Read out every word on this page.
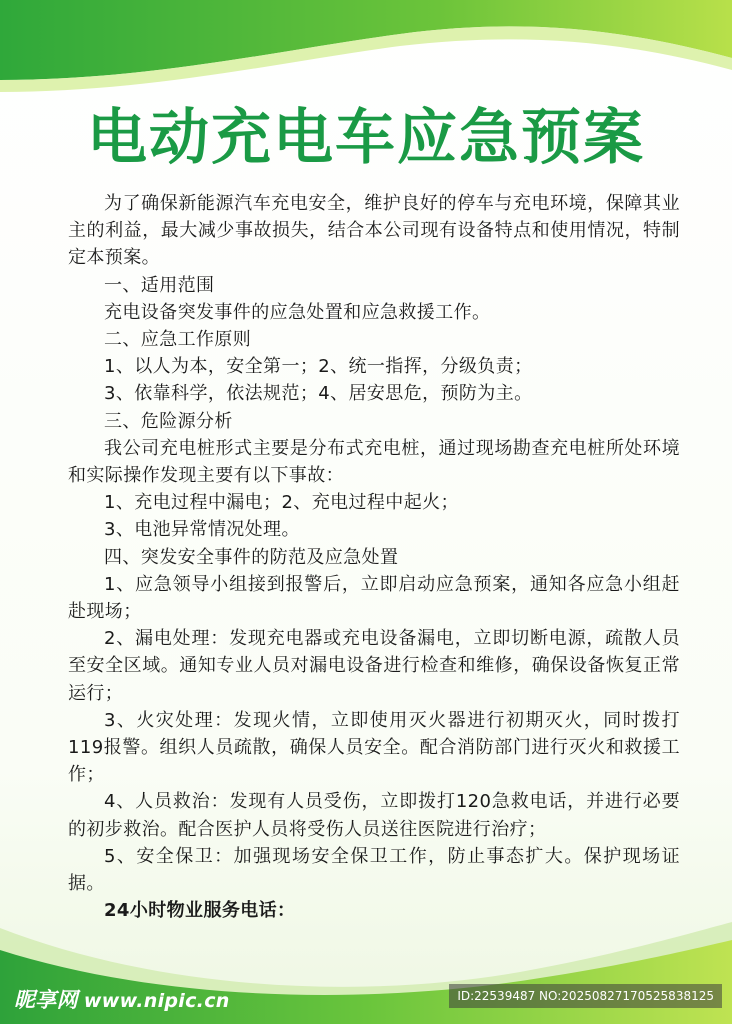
电动充电车应急预案

为了确保新能源汽车充电安全，维护良好的停车与充电环境，保障其业主的利益，最大减少事故损失，结合本公司现有设备特点和使用情况，特制定本预案。

一、适用范围

充电设备突发事件的应急处置和应急救援工作。

二、应急工作原则

1、以人为本，安全第一；2、统一指挥，分级负责；

3、依靠科学，依法规范；4、居安思危，预防为主。

三、危险源分析

我公司充电桩形式主要是分布式充电桩，通过现场勘查充电桩所处环境和实际操作发现主要有以下事故：

1、充电过程中漏电；2、充电过程中起火；

3、电池异常情况处理。

四、突发安全事件的防范及应急处置

1、应急领导小组接到报警后，立即启动应急预案，通知各应急小组赶赴现场；

2、漏电处理：发现充电器或充电设备漏电，立即切断电源，疏散人员至安全区域。通知专业人员对漏电设备进行检查和维修，确保设备恢复正常运行；

3、火灾处理：发现火情，立即使用灭火器进行初期灭火，同时拨打119报警。组织人员疏散，确保人员安全。配合消防部门进行灭火和救援工作；

4、人员救治：发现有人员受伤，立即拨打120急救电话，并进行必要的初步救治。配合医护人员将受伤人员送往医院进行治疗；

5、安全保卫：加强现场安全保卫工作，防止事态扩大。保护现场证据。

24小时物业服务电话：

昵享网 www.nipic.cn	ID:22539487 NO:20250827170525838125
